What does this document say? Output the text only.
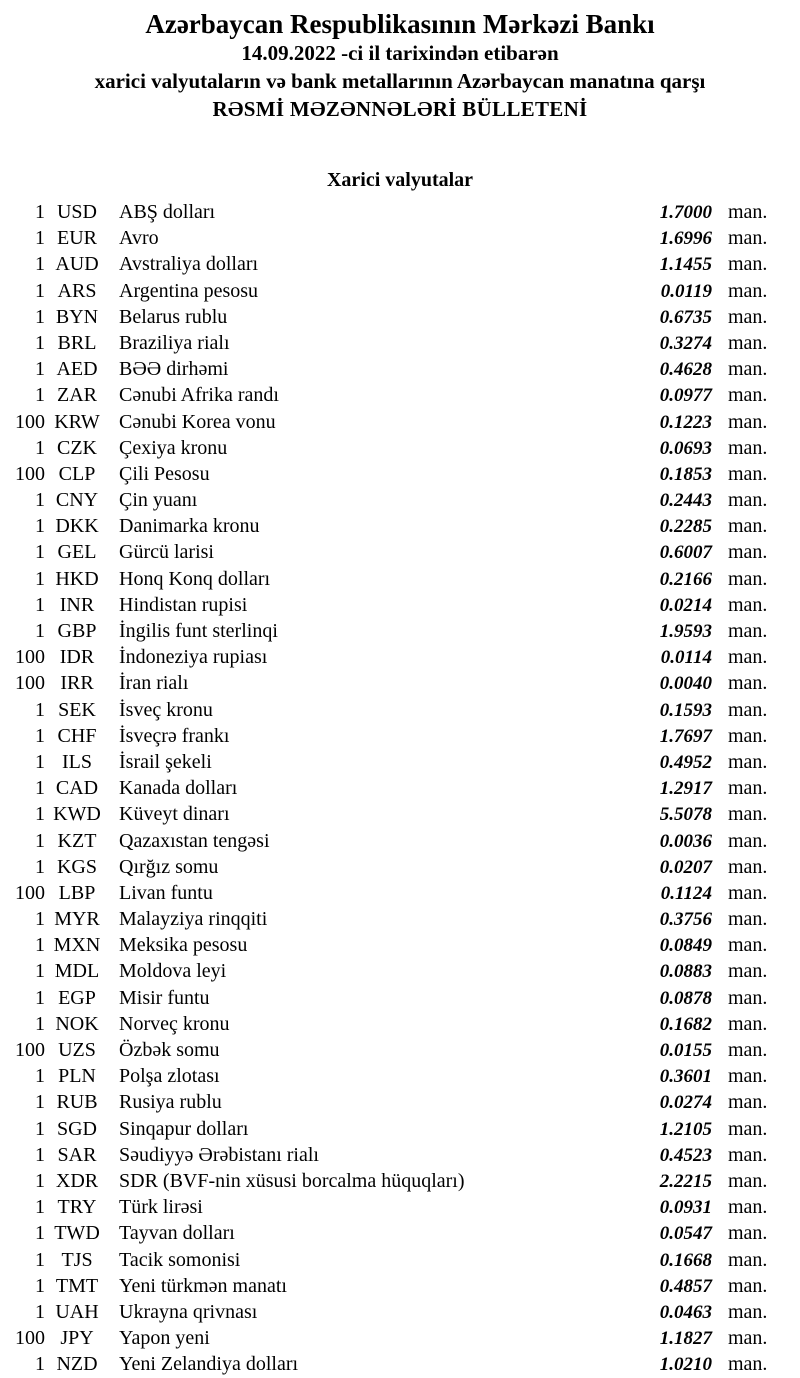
Azərbaycan Respublikasının Mərkəzi Bankı
14.09.2022 -ci il tarixindən etibarən
xarici valyutaların və bank metallarının Azərbaycan manatına qarşı
RƏSMİ MƏZƏNNƏLƏRİ BÜLLETENİ
Xarici valyutalar
1 USD	ABŞ dolları	1.7000 man.
1 EUR	Avro	1.6996 man.
1 AUD	Avstraliya dolları	1.1455 man.
1 ARS	Argentina pesosu	0.0119 man.
1 BYN	Belarus rublu	0.6735 man.
1 BRL	Braziliya rialı	0.3274 man.
1 AED	BƏƏ dirhəmi	0.4628 man.
1 ZAR	Cənubi Afrika randı	0.0977 man.
100 KRW Cənubi Korea vonu	0.1223 man.
1 CZK	Çexiya kronu	0.0693 man.
100 CLP	Çili Pesosu	0.1853 man.
1 CNY	Çin yuanı	0.2443 man.
1 DKK	Danimarka kronu	0.2285 man.
1 GEL	Gürcü larisi	0.6007 man.
1 HKD	Honq Konq dolları	0.2166 man.
1 INR	Hindistan rupisi	0.0214 man.
1 GBP	İngilis funt sterlinqi	1.9593 man.
100 IDR	İndoneziya rupiası	0.0114 man.
100 IRR	İran rialı	0.0040 man.
1 SEK	İsveç kronu	0.1593 man.
1 CHF	İsveçrə frankı	1.7697 man.
1 ILS	İsrail şekeli	0.4952 man.
1 CAD	Kanada dolları	1.2917 man.
1 KWD Küveyt dinarı	5.5078 man.
1 KZT	Qazaxıstan tengəsi	0.0036 man.
1 KGS	Qırğız somu	0.0207 man.
100 LBP	Livan funtu	0.1124 man.
1 MYR Malayziya rinqqiti	0.3756 man.
1 MXN Meksika pesosu	0.0849 man.
1 MDL Moldova leyi	0.0883 man.
1 EGP	Misir funtu	0.0878 man.
1 NOK	Norveç kronu	0.1682 man.
100 UZS	Özbək somu	0.0155 man.
1 PLN	Polşa zlotası	0.3601 man.
1 RUB	Rusiya rublu	0.0274 man.
1 SGD	Sinqapur dolları	1.2105 man.
1 SAR	Səudiyyə Ərəbistanı rialı	0.4523 man.
1 XDR	SDR (BVF-nin xüsusi borcalma hüquqları)	2.2215 man.
1 TRY	Türk lirəsi	0.0931 man.
1 TWD Tayvan dolları	0.0547 man.
1 TJS	Tacik somonisi	0.1668 man.
1 TMT	Yeni türkmən manatı	0.4857 man.
1 UAH	Ukrayna qrivnası	0.0463 man.
100 JPY	Yapon yeni	1.1827 man.
1 NZD	Yeni Zelandiya dolları	1.0210 man.
